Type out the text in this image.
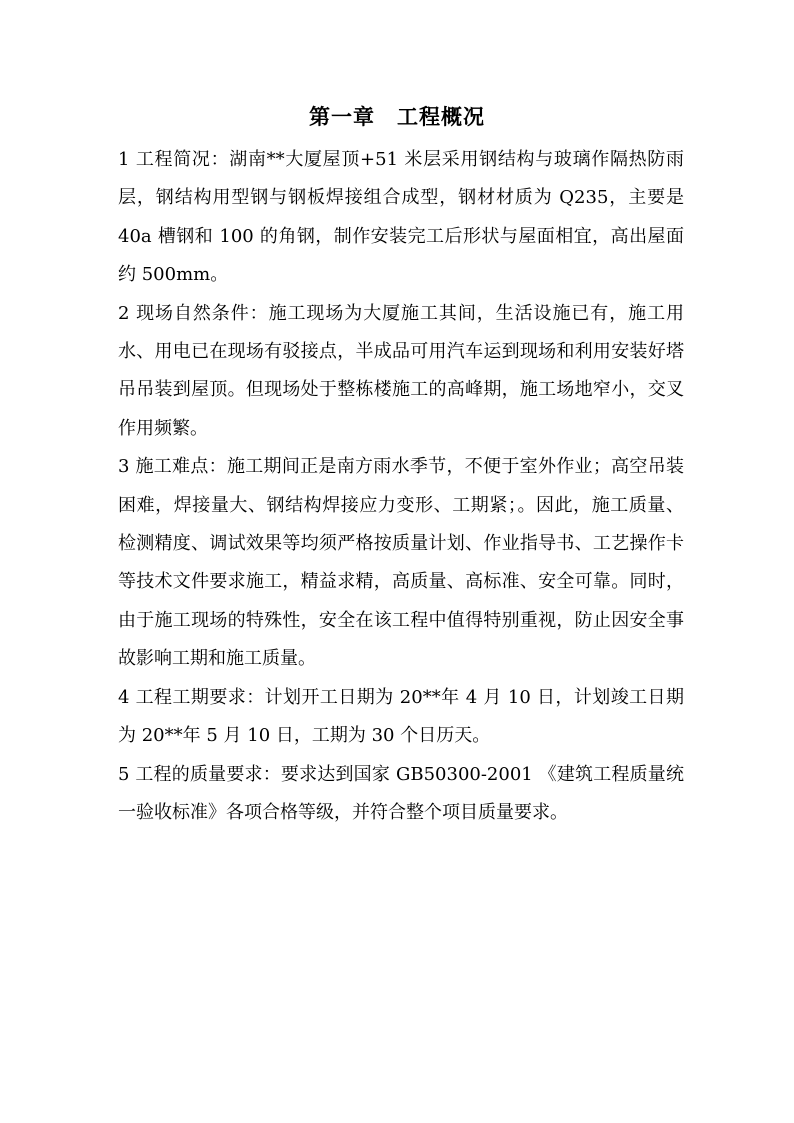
第一章　工程概况

1 工程简况：湖南**大厦屋顶+51 米层采用钢结构与玻璃作隔热防雨层，钢结构用型钢与钢板焊接组合成型，钢材材质为 Q235，主要是 40a 槽钢和 100 的角钢，制作安装完工后形状与屋面相宜，高出屋面约 500mm。

2 现场自然条件：施工现场为大厦施工其间，生活设施已有，施工用水、用电已在现场有驳接点，半成品可用汽车运到现场和利用安装好塔吊吊装到屋顶。但现场处于整栋楼施工的高峰期，施工场地窄小，交叉作用频繁。

3 施工难点：施工期间正是南方雨水季节，不便于室外作业；高空吊装困难，焊接量大、钢结构焊接应力变形、工期紧；。因此，施工质量、检测精度、调试效果等均须严格按质量计划、作业指导书、工艺操作卡等技术文件要求施工，精益求精，高质量、高标准、安全可靠。同时，由于施工现场的特殊性，安全在该工程中值得特别重视，防止因安全事故影响工期和施工质量。

4 工程工期要求：计划开工日期为 20**年 4 月 10 日，计划竣工日期为 20**年 5 月 10 日，工期为 30 个日历天。

5 工程的质量要求：要求达到国家 GB50300-2001 《建筑工程质量统一验收标准》各项合格等级，并符合整个项目质量要求。
